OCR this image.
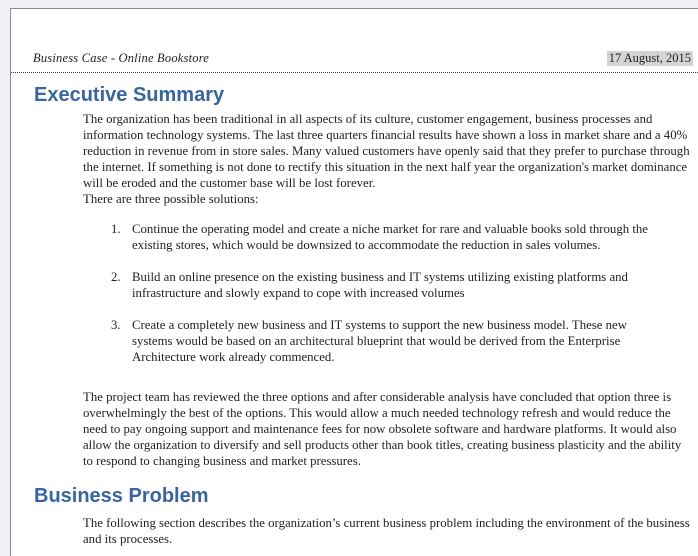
Business Case - Online Bookstore	17 August, 2015
Executive Summary

The organization has been traditional in all aspects of its culture, customer engagement, business processes and information technology systems. The last three quarters financial results have shown a loss in market share and a 40% reduction in revenue from in store sales. Many valued customers have openly said that they prefer to purchase through the internet. If something is not done to rectify this situation in the next half year the organization's market dominance will be eroded and the customer base will be lost forever.

There are three possible solutions:

1. Continue the operating model and create a niche market for rare and valuable books sold through the existing stores, which would be downsized to accommodate the reduction in sales volumes.
2. Build an online presence on the existing business and IT systems utilizing existing platforms and infrastructure and slowly expand to cope with increased volumes
3. Create a completely new business and IT systems to support the new business model. These new systems would be based on an architectural blueprint that would be derived from the Enterprise Architecture work already commenced.

The project team has reviewed the three options and after considerable analysis have concluded that option three is overwhelmingly the best of the options. This would allow a much needed technology refresh and would reduce the need to pay ongoing support and maintenance fees for now obsolete software and hardware platforms. It would also allow the organization to diversify and sell products other than book titles, creating business plasticity and the ability to respond to changing business and market pressures.

Business Problem

The following section describes the organization’s current business problem including the environment of the business and its processes.
